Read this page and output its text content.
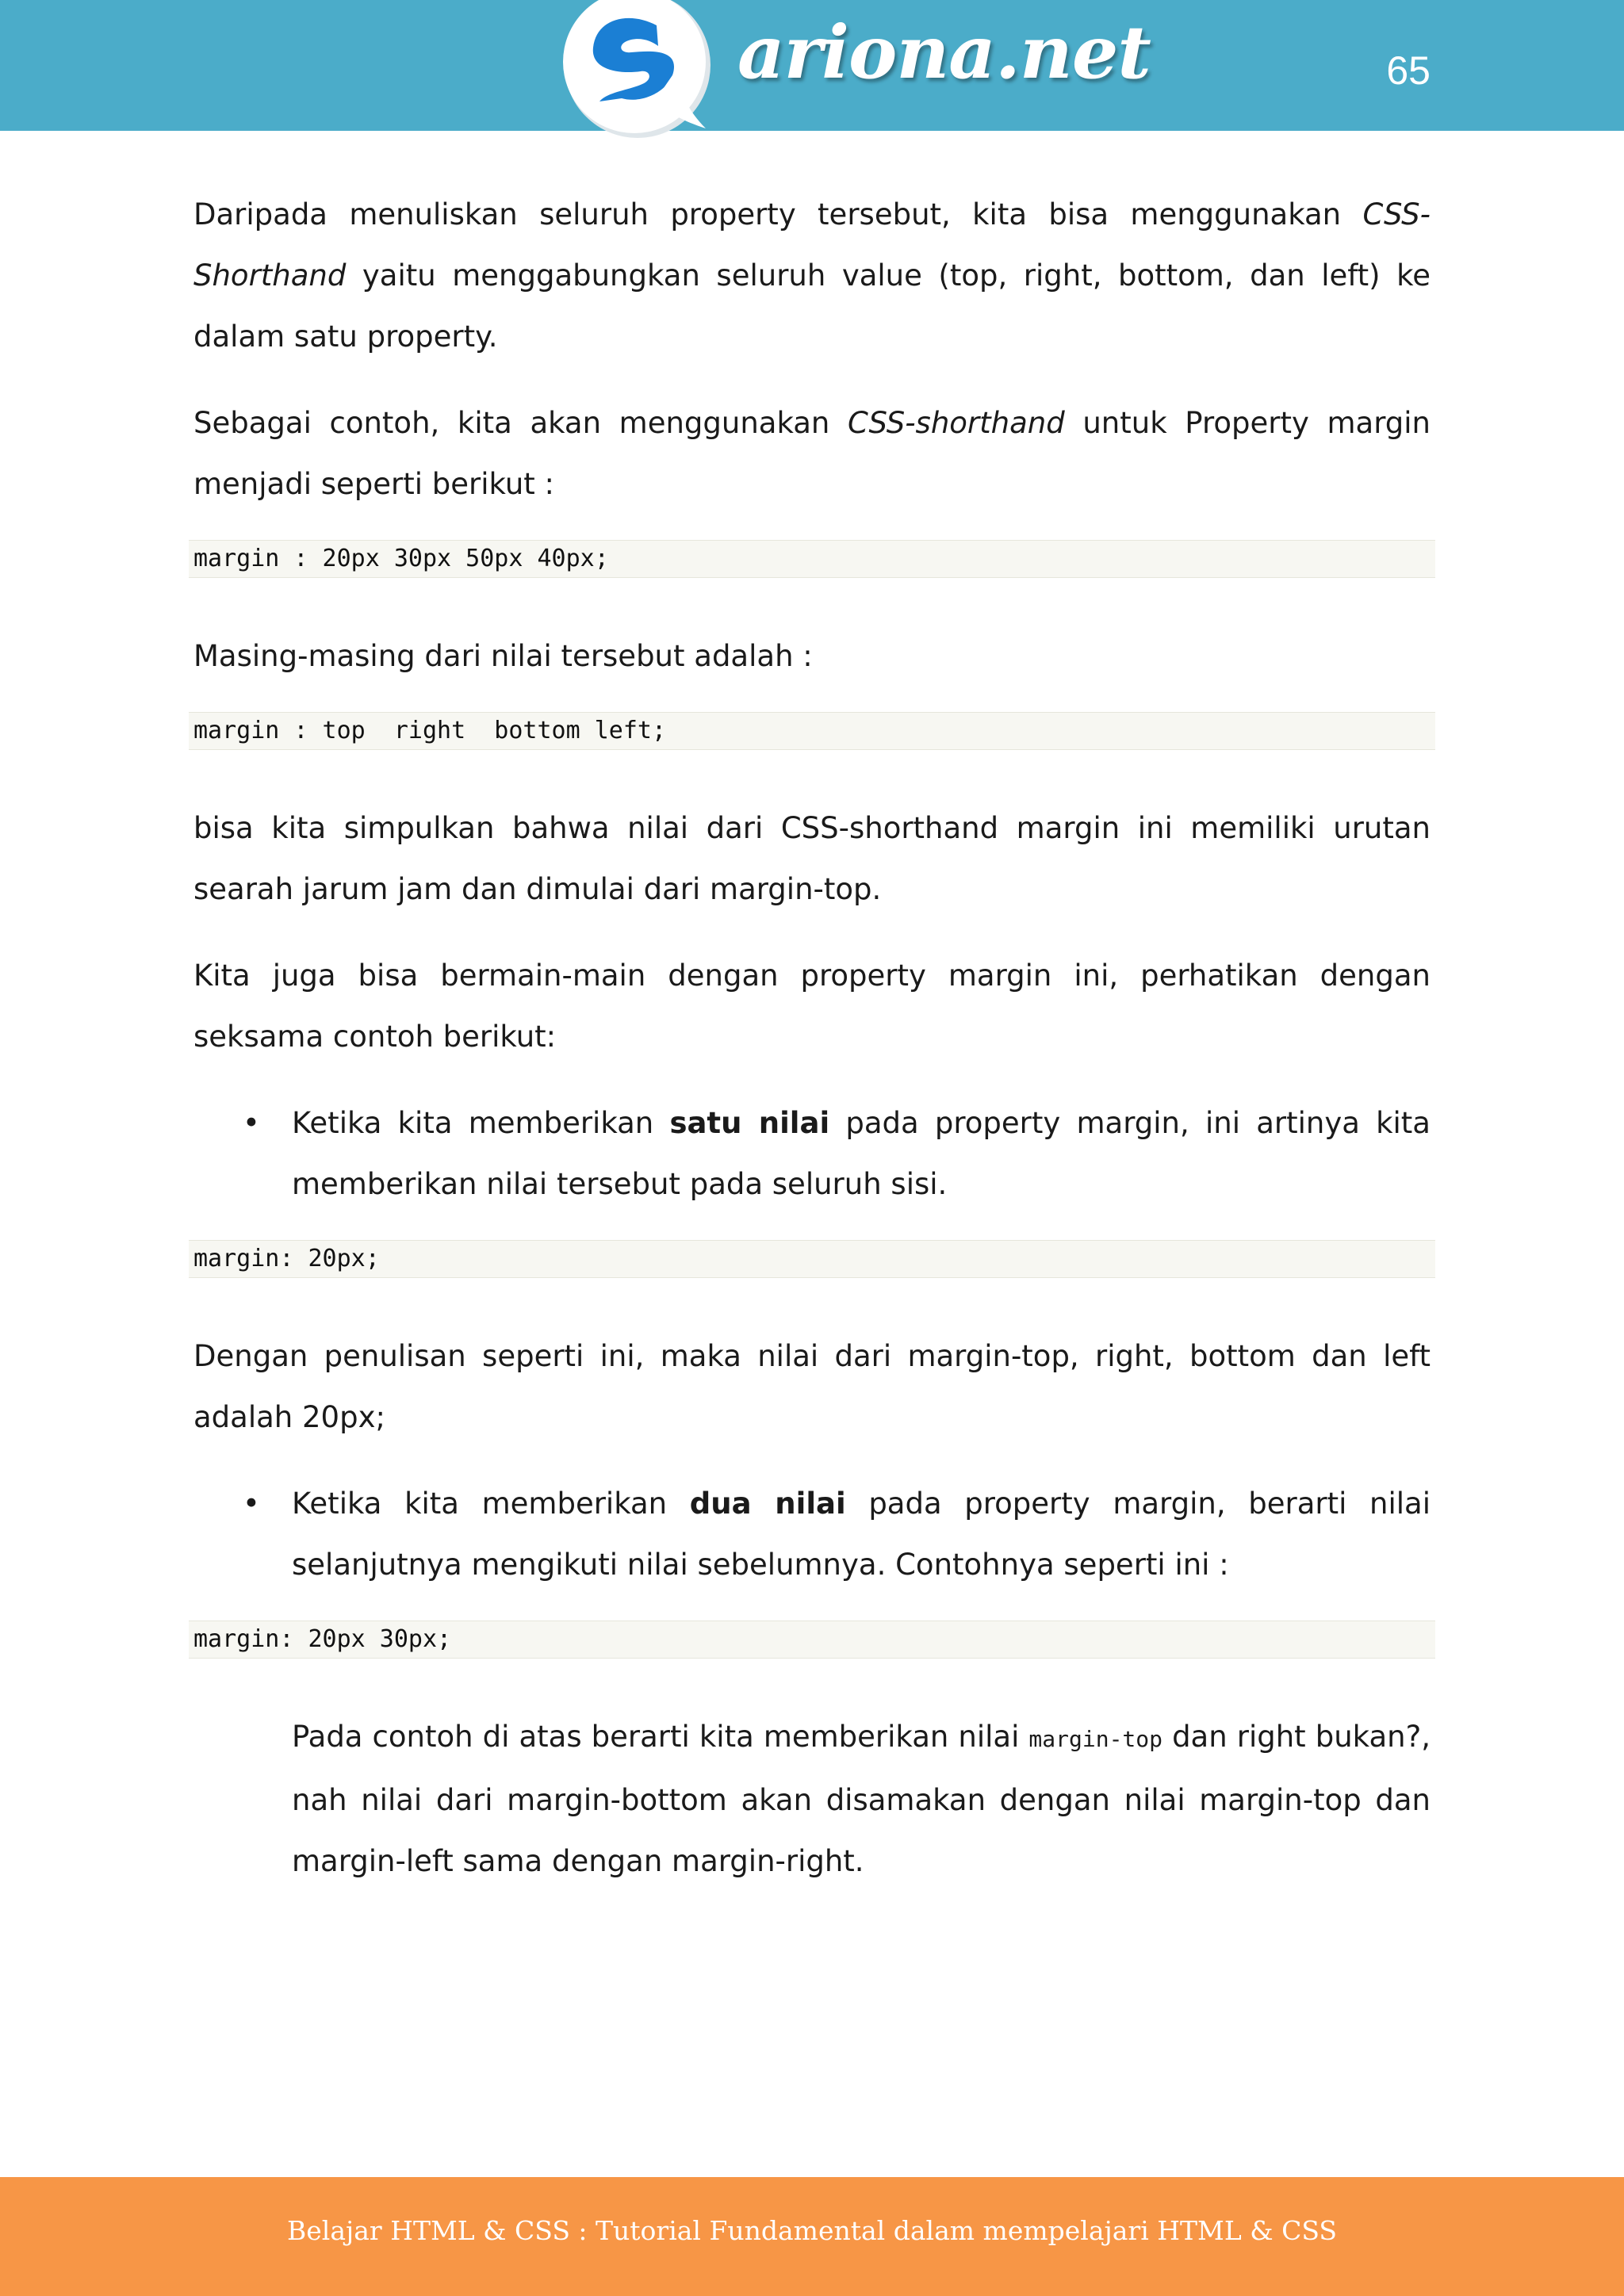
ariona.net	65

Daripada menuliskan seluruh property tersebut, kita bisa menggunakan CSS-Shorthand yaitu menggabungkan seluruh value (top, right, bottom, dan left) ke dalam satu property.

Sebagai contoh, kita akan menggunakan CSS-shorthand untuk Property margin menjadi seperti berikut :

margin : 20px 30px 50px 40px;

Masing-masing dari nilai tersebut adalah :

margin : top  right  bottom left;

bisa kita simpulkan bahwa nilai dari CSS-shorthand margin ini memiliki urutan searah jarum jam dan dimulai dari margin-top.

Kita juga bisa bermain-main dengan property margin ini, perhatikan dengan seksama contoh berikut:

• Ketika kita memberikan satu nilai pada property margin, ini artinya kita memberikan nilai tersebut pada seluruh sisi.
margin: 20px;

Dengan penulisan seperti ini, maka nilai dari margin-top, right, bottom dan left adalah 20px;

• Ketika kita memberikan dua nilai pada property margin, berarti nilai selanjutnya mengikuti nilai sebelumnya. Contohnya seperti ini :
margin: 20px 30px;

Pada contoh di atas berarti kita memberikan nilai margin-top dan right bukan?, nah nilai dari margin-bottom akan disamakan dengan nilai margin-top dan margin-left sama dengan margin-right.

Belajar HTML & CSS : Tutorial Fundamental dalam mempelajari HTML & CSS
